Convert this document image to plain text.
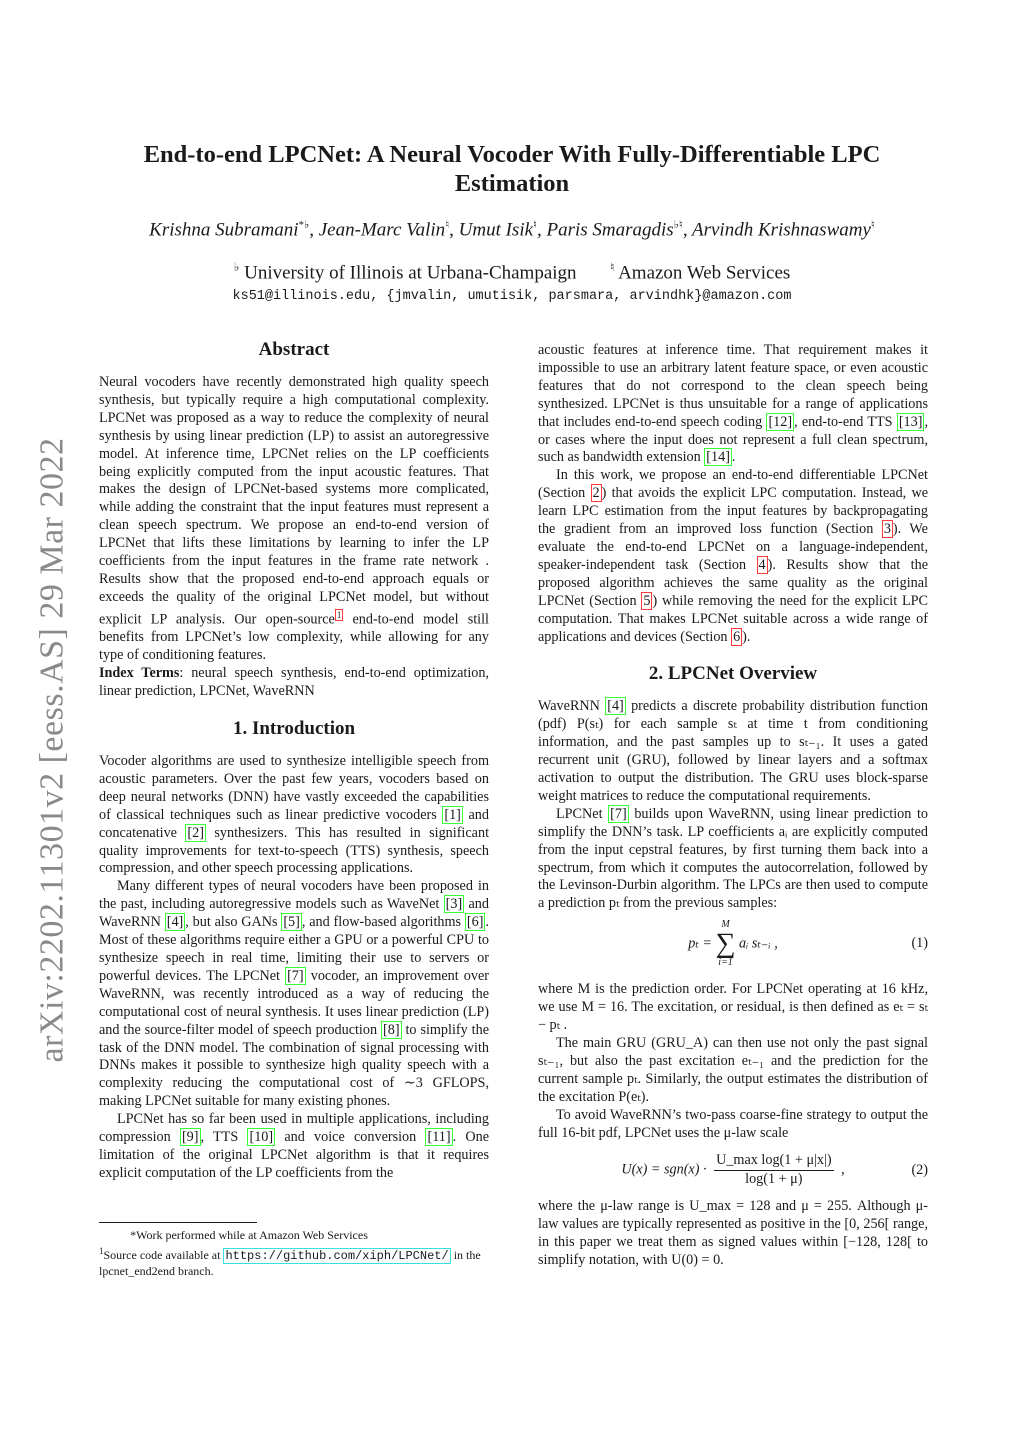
arXiv:2202.11301v2 [eess.AS] 29 Mar 2022
End-to-end LPCNet: A Neural Vocoder With Fully-Differentiable LPC Estimation
Krishna Subramani*♭, Jean-Marc Valin♮, Umut Isik♮, Paris Smaragdis♭♮, Arvindh Krishnaswamy♮
♭ University of Illinois at Urbana-Champaign	♮ Amazon Web Services
ks51@illinois.edu, {jmvalin, umutisik, parsmara, arvindhk}@amazon.com
Abstract

Neural vocoders have recently demonstrated high quality speech synthesis, but typically require a high computational complexity. LPCNet was proposed as a way to reduce the complexity of neural synthesis by using linear prediction (LP) to assist an autoregressive model. At inference time, LPCNet relies on the LP coefficients being explicitly computed from the input acoustic features. That makes the design of LPCNet-based systems more complicated, while adding the constraint that the input features must represent a clean speech spectrum. We propose an end-to-end version of LPCNet that lifts these limitations by learning to infer the LP coefficients from the input features in the frame rate network . Results show that the proposed end-to-end approach equals or exceeds the quality of the original LPCNet model, but without explicit LP analysis. Our open-source $^1$ end-to-end model still benefits from LPCNet’s low complexity, while allowing for any type of conditioning features.

Index Terms: neural speech synthesis, end-to-end optimization, linear prediction, LPCNet, WaveRNN

1. Introduction

Vocoder algorithms are used to synthesize intelligible speech from acoustic parameters. Over the past few years, vocoders based on deep neural networks (DNN) have vastly exceeded the capabilities of classical techniques such as linear predictive vocoders [1] and concatenative [2] synthesizers. This has resulted in significant quality improvements for text-to-speech (TTS) synthesis, speech compression, and other speech processing applications.

Many different types of neural vocoders have been proposed in the past, including autoregressive models such as WaveNet [3] and WaveRNN [4] , but also GANs [5] , and flow-based algorithms [6] . Most of these algorithms require either a GPU or a powerful CPU to synthesize speech in real time, limiting their use to servers or powerful devices. The LPCNet [7] vocoder, an improvement over WaveRNN, was recently introduced as a way of reducing the computational cost of neural synthesis. It uses linear prediction (LP) and the source-filter model of speech production [8] to simplify the task of the DNN model. The combination of signal processing with DNNs makes it possible to synthesize high quality speech with a complexity reducing the computational cost of ∼3 GFLOPS, making LPCNet suitable for many existing phones.

LPCNet has so far been used in multiple applications, including compression [9] , TTS [10] and voice conversion [11] . One limitation of the original LPCNet algorithm is that it requires explicit computation of the LP coefficients from the

acoustic features at inference time. That requirement makes it impossible to use an arbitrary latent feature space, or even acoustic features that do not correspond to the clean speech being synthesized. LPCNet is thus unsuitable for a range of applications that includes end-to-end speech coding [12] , end-to-end TTS [13] , or cases where the input does not represent a full clean spectrum, such as bandwidth extension [14] .

In this work, we propose an end-to-end differentiable LPCNet (Section 2 ) that avoids the explicit LPC computation. Instead, we learn LPC estimation from the input features by backpropagating the gradient from an improved loss function (Section 3 ). We evaluate the end-to-end LPCNet on a language-independent, speaker-independent task (Section 4 ). Results show that the proposed algorithm achieves the same quality as the original LPCNet (Section 5 ) while removing the need for the explicit LPC computation. That makes LPCNet suitable across a wide range of applications and devices (Section 6 ).

2. LPCNet Overview

WaveRNN [4] predicts a discrete probability distribution function (pdf) P(sₜ) for each sample sₜ at time t from conditioning information, and the past samples up to sₜ₋₁. It uses a gated recurrent unit (GRU), followed by linear layers and a softmax activation to output the distribution. The GRU uses block-sparse weight matrices to reduce the computational requirements.

LPCNet [7] builds upon WaveRNN, using linear prediction to simplify the DNN’s task. LP coefficients aᵢ are explicitly computed from the input cepstral features, by first turning them back into a spectrum, from which it computes the autocorrelation, followed by the Levinson-Durbin algorithm. The LPCs are then used to compute a prediction pₜ from the previous samples:

pₜ =
M
∑
i=1
aᵢ sₜ₋ᵢ ,	(1)

where M is the prediction order. For LPCNet operating at 16 kHz, we use M = 16. The excitation, or residual, is then defined as eₜ = sₜ − pₜ .

The main GRU (GRU_A) can then use not only the past signal sₜ₋₁, but also the past excitation eₜ₋₁ and the prediction for the current sample pₜ. Similarly, the output estimates the distribution of the excitation P(eₜ).

To avoid WaveRNN’s two-pass coarse-fine strategy to output the full 16-bit pdf, LPCNet uses the μ-law scale

$U(x) = sgn(x) \cdot \frac{\text{U\_max log(1 + μ|x|)}}{\log(1 + \mu)}$ ,	(2)

where the μ-law range is U_max = 128 and μ = 255. Although μ-law values are typically represented as positive in the [0, 256[ range, in this paper we treat them as signed values within [−128, 128[ to simplify notation, with U(0) = 0.

*Work performed while at Amazon Web Services
$^1$Source code available at https://github.com/xiph/LPCNet/ in the lpcnet_end2end branch.
